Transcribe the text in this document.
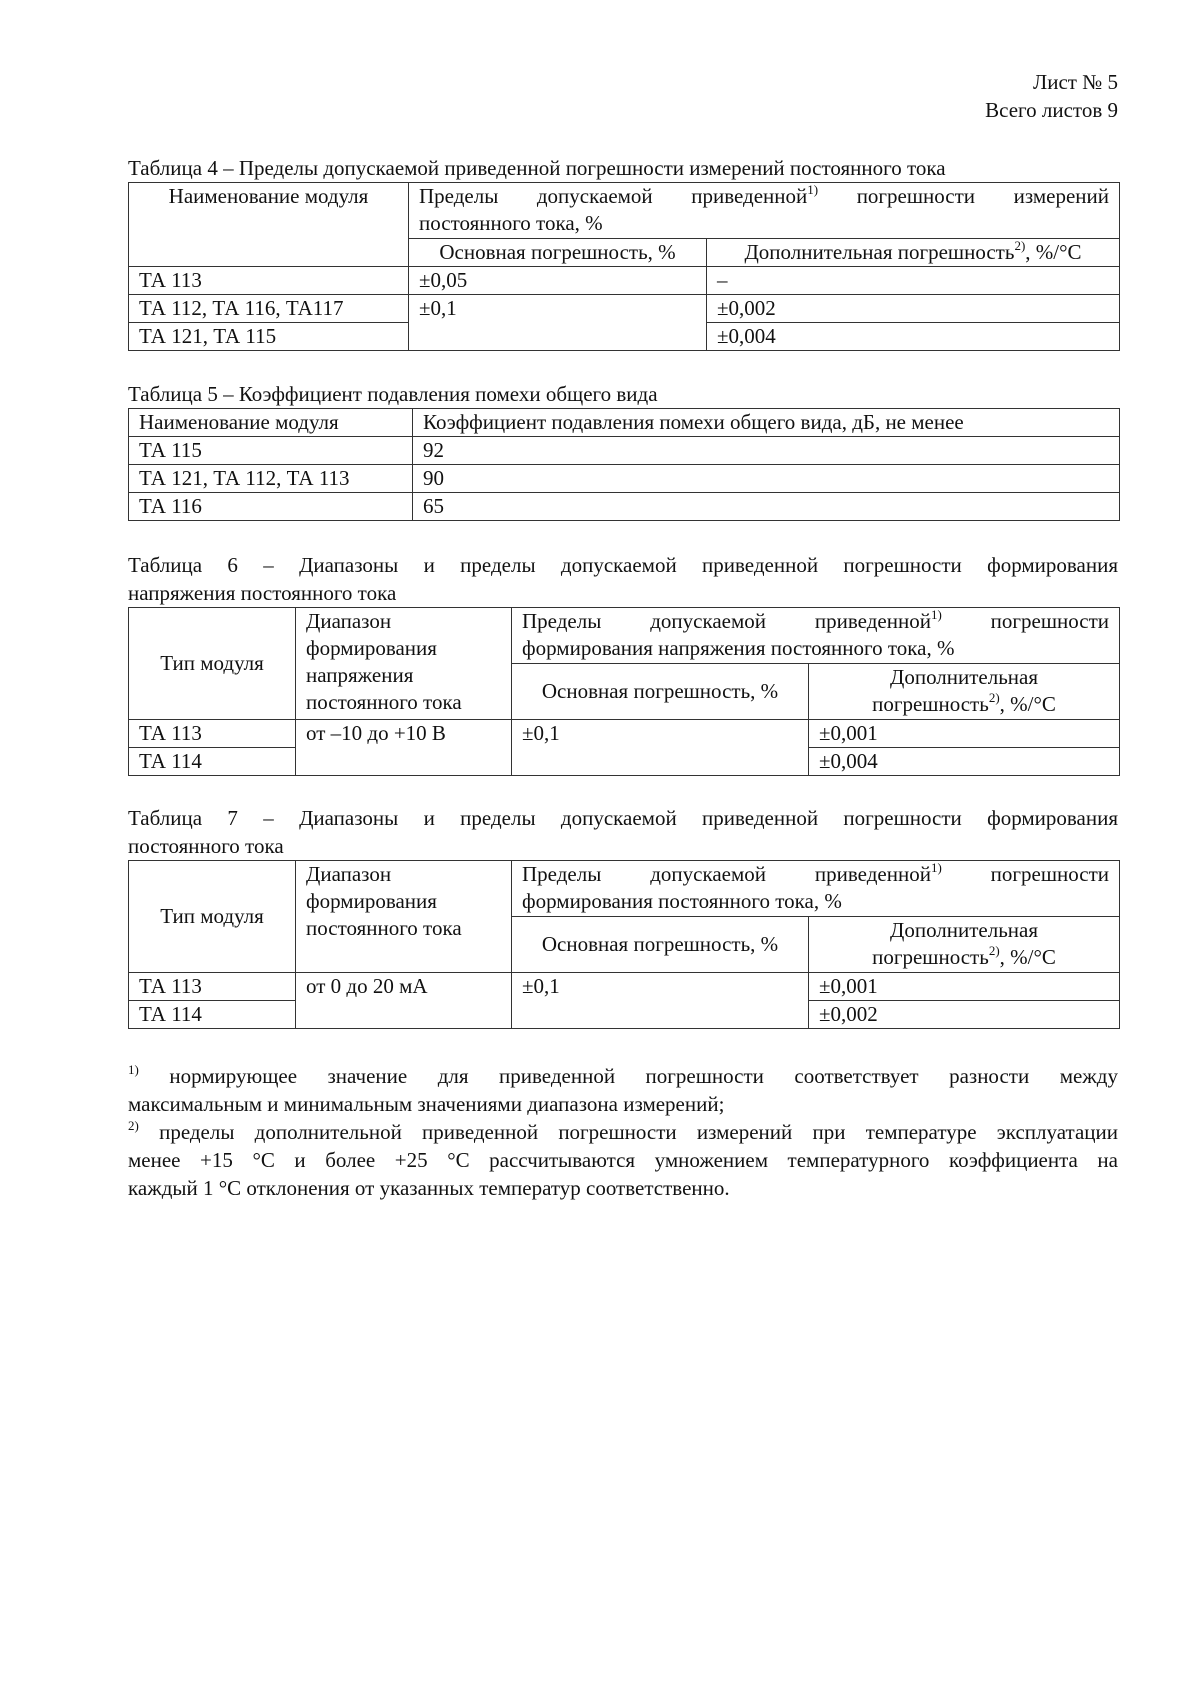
Лист № 5
Всего листов 9
Таблица 4 – Пределы допускаемой приведенной погрешности измерений постоянного тока
Наименование модуля	Пределы допускаемой приведенной$^{1)}$ погрешности измерений
постоянного тока, %	

	Основная погрешность, %	Дополнительная погрешность$^{2)}$, %/°C
ТА 113	±0,05	–
ТА 112, ТА 116, ТА117	±0,1	±0,002
ТА 121, ТА 115		±0,004
Таблица 5 – Коэффициент подавления помехи общего вида
Наименование модуля	Коэффициент подавления помехи общего вида, дБ, не менее
ТА 115	92
ТА 121, ТА 112, ТА 113	90
ТА 116	65
Таблица 6 – Диапазоны и пределы допускаемой приведенной погрешности формирования
напряжения постоянного тока
Тип модуля	Диапазон формирования напряжения постоянного тока	Пределы допускаемой приведенной$^{1)}$ погрешности
формирования напряжения постоянного тока, %	

		Основная погрешность, %	Дополнительная
погрешность$^{2)}$, %/°C

ТА 113	от –10 до +10 В	±0,1	±0,001
ТА 114			±0,004
Таблица 7 – Диапазоны и пределы допускаемой приведенной погрешности формирования
постоянного тока
Тип модуля	Диапазон формирования постоянного тока	Пределы допускаемой приведенной$^{1)}$ погрешности
формирования постоянного тока, %	

		Основная погрешность, %	Дополнительная
погрешность$^{2)}$, %/°C

ТА 113	от 0 до 20 мА	±0,1	±0,001
ТА 114			±0,002
$^{1)}$ нормирующее значение для приведенной погрешности соответствует разности между
максимальным и минимальным значениями диапазона измерений;
$^{2)}$ пределы дополнительной приведенной погрешности измерений при температуре эксплуатации
менее +15 °С и более +25 °С рассчитываются умножением температурного коэффициента на
каждый 1 °С отклонения от указанных температур соответственно.
